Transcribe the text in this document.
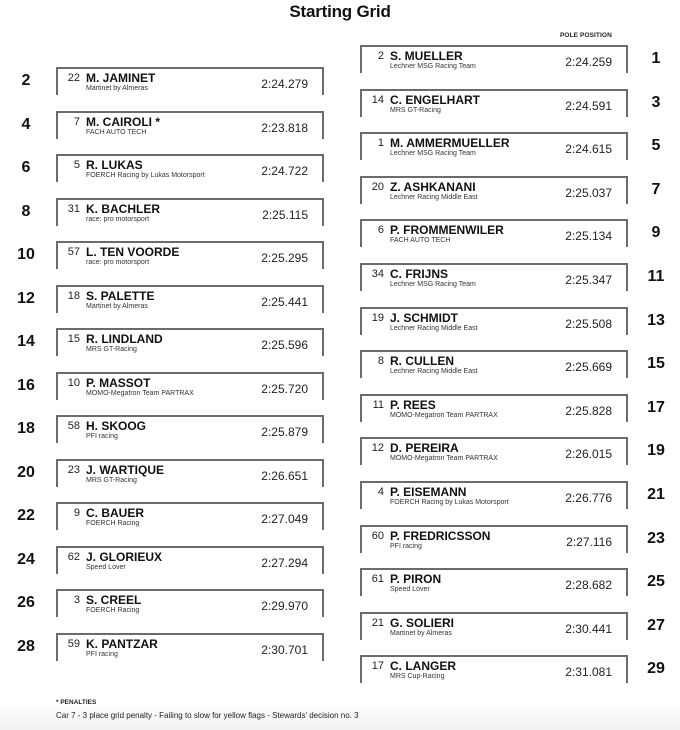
Starting Grid
POLE POSITION
2	22 M. JAMINET
Martinet by Almeras	2:24.279
4	7 M. CAIROLI *
FACH AUTO TECH	2:23.818
6	5 R. LUKAS
FOERCH Racing by Lukas Motorsport	2:24.722
8	31 K. BACHLER
race: pro motorsport	2:25.115
10	57 L. TEN VOORDE
race: pro motorsport	2:25.295
12	18 S. PALETTE
Martinet by Almeras	2:25.441
14	15 R. LINDLAND
MRS GT-Racing	2:25.596
16	10 P. MASSOT
MOMO-Megatron Team PARTRAX	2:25.720
18	58 H. SKOOG
PFI racing	2:25.879
20	23 J. WARTIQUE
MRS GT-Racing	2:26.651
22	9 C. BAUER
FOERCH Racing	2:27.049
24	62 J. GLORIEUX
Speed Lover	2:27.294
26	3 S. CREEL
FOERCH Racing	2:29.970
28	59 K. PANTZAR
PFI racing	2:30.701
1
2 S. MUELLER
Lechner MSG Racing Team	2:24.259
3
14 C. ENGELHART
MRS GT-Racing	2:24.591
5
1 M. AMMERMUELLER
Lechner MSG Racing Team	2:24.615
7
20 Z. ASHKANANI
Lechner Racing Middle East	2:25.037
9
6 P. FROMMENWILER
FACH AUTO TECH	2:25.134
11
34 C. FRIJNS
Lechner MSG Racing Team	2:25.347
13
19 J. SCHMIDT
Lechner Racing Middle East	2:25.508
15
8 R. CULLEN
Lechner Racing Middle East	2:25.669
17
11 P. REES
MOMO-Megatron Team PARTRAX	2:25.828
19
12 D. PEREIRA
MOMO-Megatron Team PARTRAX	2:26.015
21
4 P. EISEMANN
FOERCH Racing by Lukas Motorsport	2:26.776
23
60 P. FREDRICSSON
PFI racing	2:27.116
25
61 P. PIRON
Speed Lover	2:28.682
27
21 G. SOLIERI
Martinet by Almeras	2:30.441
29
17 C. LANGER
MRS Cup-Racing	2:31.081
* PENALTIES
Car 7 - 3 place grid penalty - Failing to slow for yellow flags - Stewards' decision no. 3
